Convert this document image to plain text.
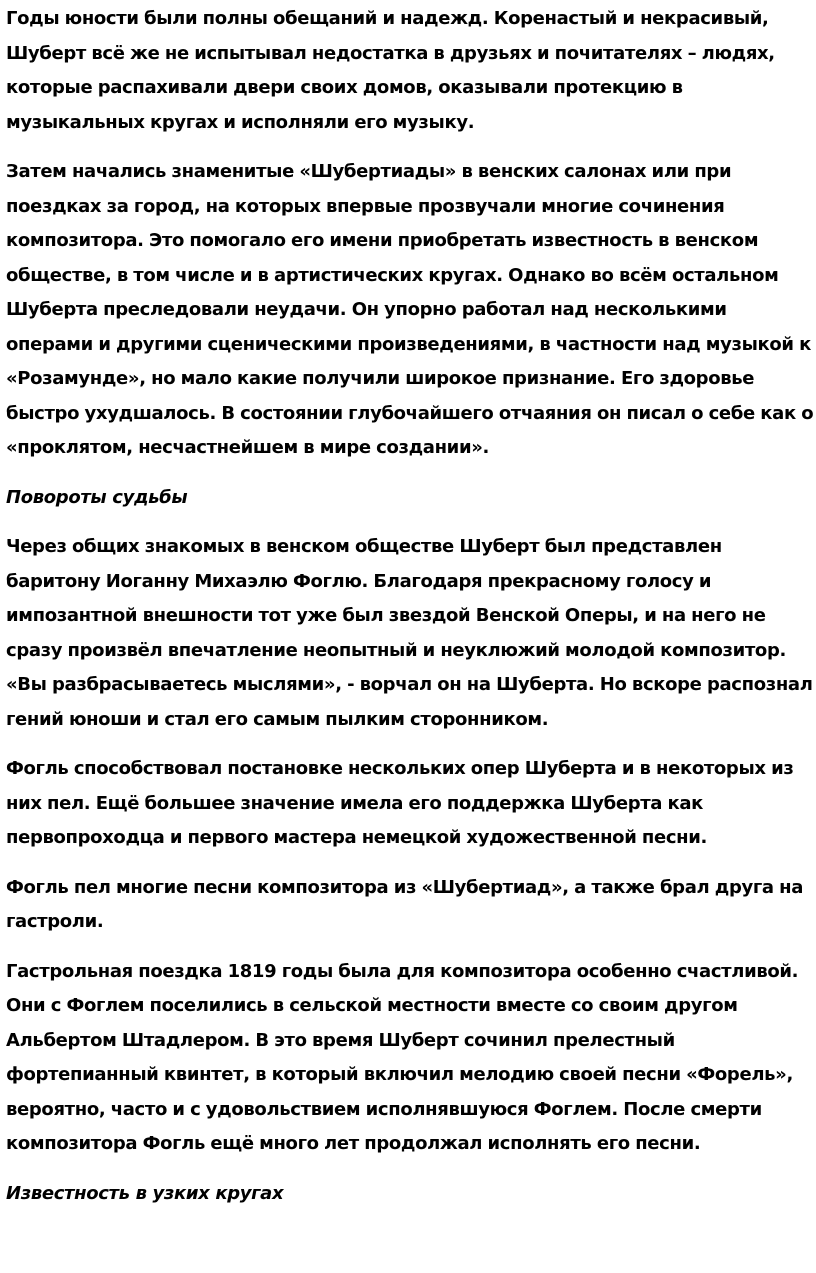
Годы юности были полны обещаний и надежд. Коренастый и некрасивый, Шуберт всё же не испытывал недостатка в друзьях и почитателях – людях, которые распахивали двери своих домов, оказывали протекцию в музыкальных кругах и исполняли его музыку.

Затем начались знаменитые «Шубертиады» в венских салонах или при поездках за город, на которых впервые прозвучали многие сочинения композитора. Это помогало его имени приобретать известность в венском обществе, в том числе и в артистических кругах. Однако во всём остальном Шуберта преследовали неудачи. Он упорно работал над несколькими операми и другими сценическими произведениями, в частности над музыкой к «Розамунде», но мало какие получили широкое признание. Его здоровье быстро ухудшалось. В состоянии глубочайшего отчаяния он писал о себе как о «проклятом, несчастнейшем в мире создании».

Повороты судьбы

Через общих знакомых в венском обществе Шуберт был представлен баритону Иоганну Михаэлю Фоглю. Благодаря прекрасному голосу и импозантной внешности тот уже был звездой Венской Оперы, и на него не сразу произвёл впечатление неопытный и неуклюжий молодой композитор. «Вы разбрасываетесь мыслями», - ворчал он на Шуберта. Но вскоре распознал гений юноши и стал его самым пылким сторонником.

Фогль способствовал постановке нескольких опер Шуберта и в некоторых из них пел. Ещё большее значение имела его поддержка Шуберта как первопроходца и первого мастера немецкой художественной песни.

Фогль пел многие песни композитора из «Шубертиад», а также брал друга на гастроли.

Гастрольная поездка 1819 годы была для композитора особенно счастливой. Они с Фоглем поселились в сельской местности вместе со своим другом Альбертом Штадлером. В это время Шуберт сочинил прелестный фортепианный квинтет, в который включил мелодию своей песни «Форель», вероятно, часто и с удовольствием исполнявшуюся Фоглем. После смерти композитора Фогль ещё много лет продолжал исполнять его песни.

Известность в узких кругах
